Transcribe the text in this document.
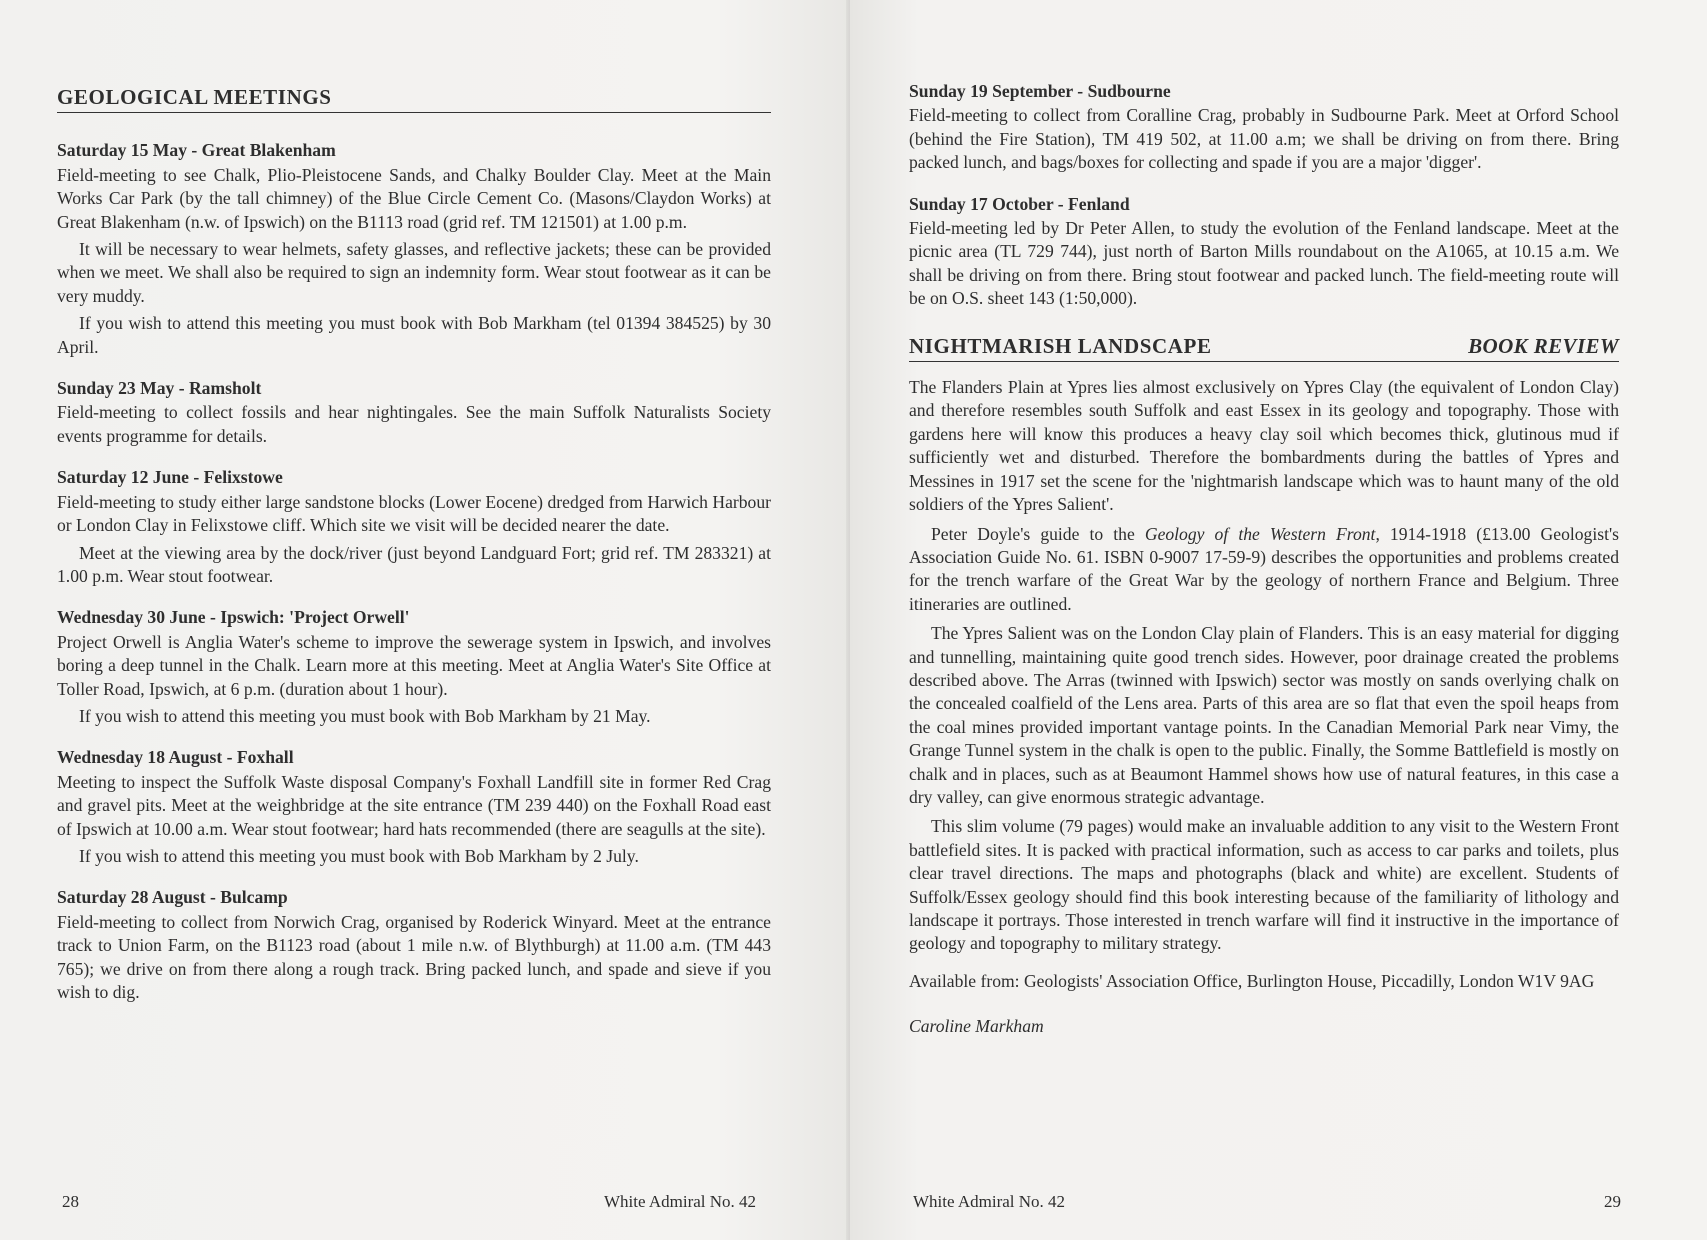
GEOLOGICAL MEETINGS
Saturday 15 May - Great Blakenham

Field-meeting to see Chalk, Plio-Pleistocene Sands, and Chalky Boulder Clay. Meet at the Main Works Car Park (by the tall chimney) of the Blue Circle Cement Co. (Masons/Claydon Works) at Great Blakenham (n.w. of Ipswich) on the B1113 road (grid ref. TM 121501) at 1.00 p.m.

It will be necessary to wear helmets, safety glasses, and reflective jackets; these can be provided when we meet. We shall also be required to sign an indemnity form. Wear stout footwear as it can be very muddy.

If you wish to attend this meeting you must book with Bob Markham (tel 01394 384525) by 30 April.

Sunday 23 May - Ramsholt

Field-meeting to collect fossils and hear nightingales. See the main Suffolk Naturalists Society events programme for details.

Saturday 12 June - Felixstowe

Field-meeting to study either large sandstone blocks (Lower Eocene) dredged from Harwich Harbour or London Clay in Felixstowe cliff. Which site we visit will be decided nearer the date.

Meet at the viewing area by the dock/river (just beyond Landguard Fort; grid ref. TM 283321) at 1.00 p.m. Wear stout footwear.

Wednesday 30 June - Ipswich: 'Project Orwell'

Project Orwell is Anglia Water's scheme to improve the sewerage system in Ipswich, and involves boring a deep tunnel in the Chalk. Learn more at this meeting. Meet at Anglia Water's Site Office at Toller Road, Ipswich, at 6 p.m. (duration about 1 hour).

If you wish to attend this meeting you must book with Bob Markham by 21 May.

Wednesday 18 August - Foxhall

Meeting to inspect the Suffolk Waste disposal Company's Foxhall Landfill site in former Red Crag and gravel pits. Meet at the weighbridge at the site entrance (TM 239 440) on the Foxhall Road east of Ipswich at 10.00 a.m. Wear stout footwear; hard hats recommended (there are seagulls at the site).

If you wish to attend this meeting you must book with Bob Markham by 2 July.

Saturday 28 August - Bulcamp

Field-meeting to collect from Norwich Crag, organised by Roderick Winyard. Meet at the entrance track to Union Farm, on the B1123 road (about 1 mile n.w. of Blythburgh) at 11.00 a.m. (TM 443 765); we drive on from there along a rough track. Bring packed lunch, and spade and sieve if you wish to dig.

28	White Admiral No. 42
Sunday 19 September - Sudbourne

Field-meeting to collect from Coralline Crag, probably in Sudbourne Park. Meet at Orford School (behind the Fire Station), TM 419 502, at 11.00 a.m; we shall be driving on from there. Bring packed lunch, and bags/boxes for collecting and spade if you are a major 'digger'.

Sunday 17 October - Fenland

Field-meeting led by Dr Peter Allen, to study the evolution of the Fenland landscape. Meet at the picnic area (TL 729 744), just north of Barton Mills roundabout on the A1065, at 10.15 a.m. We shall be driving on from there. Bring stout footwear and packed lunch. The field-meeting route will be on O.S. sheet 143 (1:50,000).

NIGHTMARISH LANDSCAPE	BOOK REVIEW

The Flanders Plain at Ypres lies almost exclusively on Ypres Clay (the equivalent of London Clay) and therefore resembles south Suffolk and east Essex in its geology and topography. Those with gardens here will know this produces a heavy clay soil which becomes thick, glutinous mud if sufficiently wet and disturbed. Therefore the bombardments during the battles of Ypres and Messines in 1917 set the scene for the 'nightmarish landscape which was to haunt many of the old soldiers of the Ypres Salient'.

Peter Doyle's guide to the Geology of the Western Front, 1914-1918 (£13.00 Geologist's Association Guide No. 61. ISBN 0-9007 17-59-9) describes the opportunities and problems created for the trench warfare of the Great War by the geology of northern France and Belgium. Three itineraries are outlined.

The Ypres Salient was on the London Clay plain of Flanders. This is an easy material for digging and tunnelling, maintaining quite good trench sides. However, poor drainage created the problems described above. The Arras (twinned with Ipswich) sector was mostly on sands overlying chalk on the concealed coalfield of the Lens area. Parts of this area are so flat that even the spoil heaps from the coal mines provided important vantage points. In the Canadian Memorial Park near Vimy, the Grange Tunnel system in the chalk is open to the public. Finally, the Somme Battlefield is mostly on chalk and in places, such as at Beaumont Hammel shows how use of natural features, in this case a dry valley, can give enormous strategic advantage.

This slim volume (79 pages) would make an invaluable addition to any visit to the Western Front battlefield sites. It is packed with practical information, such as access to car parks and toilets, plus clear travel directions. The maps and photographs (black and white) are excellent. Students of Suffolk/Essex geology should find this book interesting because of the familiarity of lithology and landscape it portrays. Those interested in trench warfare will find it instructive in the importance of geology and topography to military strategy.

Available from: Geologists' Association Office, Burlington House, Piccadilly, London W1V 9AG

Caroline Markham

White Admiral No. 42	29
